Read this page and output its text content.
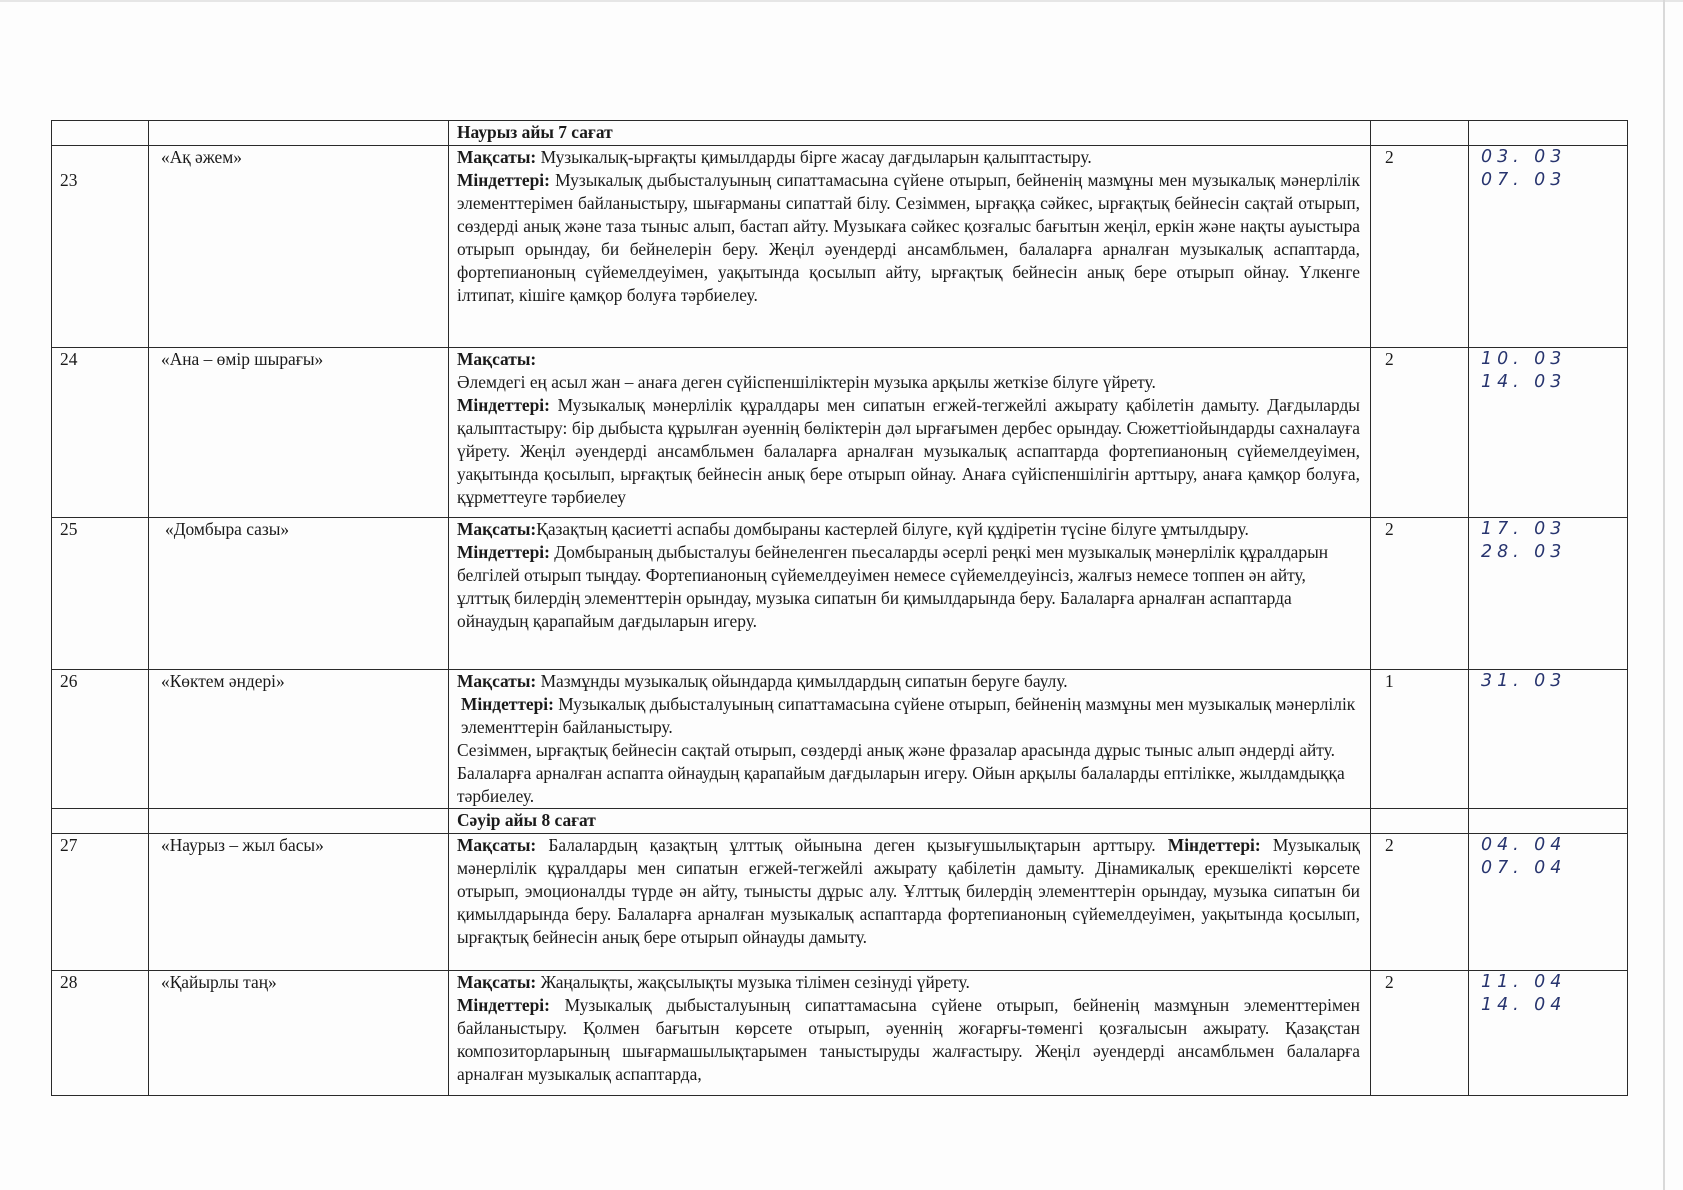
		Наурыз айы 7 сағат		

23	«Ақ әжем»	Мақсаты: Музыкалық-ырғақты қимылдарды бірге жасау дағдыларын қалыптастыру.
Міндеттері: Музыкалық дыбысталуының сипаттамасына сүйене отырып, бейненің мазмұны мен музыкалық мәнерлілік элементтерімен байланыстыру, шығарманы сипаттай білу. Сезіммен, ырғаққа сәйкес, ырғақтық бейнесін сақтай отырып, сөздерді анық және таза тыныс алып, бастап айту. Музыкаға сәйкес қозғалыс бағытын жеңіл, еркін және нақты ауыстыра отырып орындау, би бейнелерін беру. Жеңіл әуендерді ансамбльмен, балаларға арналған музыкалық аспаптарда, фортепианоның сүйемелдеуімен, уақытында қосылып айту, ырғақтық бейнесін анық бере отырып ойнау. Үлкенге ілтипат, кішіге қамқор болуға тәрбиелеу.	2	03. 03
07. 03

24	«Ана – өмір шырағы»	Мақсаты:
Әлемдегі ең асыл жан – анаға деген сүйіспеншіліктерін музыка арқылы жеткізе білуге үйрету.
Міндеттері: Музыкалық мәнерлілік құралдары мен сипатын егжей-тегжейлі ажырату қабілетін дамыту. Дағдыларды қалыптастыру: бір дыбыста құрылған әуеннің бөліктерін дәл ырғағымен дербес орындау. Сюжеттіойындарды сахналауға үйрету. Жеңіл әуендерді ансамбльмен балаларға арналған музыкалық аспаптарда фортепианоның сүйемелдеуімен, уақытында қосылып, ырғақтық бейнесін анық бере отырып ойнау. Анаға сүйіспеншілігін арттыру, анаға қамқор болуға, құрметтеуге тәрбиелеу	2	10. 03
14. 03

25	«Домбыра сазы»	Мақсаты:Қазақтың қасиетті аспабы домбыраны кастерлей білуге, күй құдіретін түсіне білуге ұмтылдыру.
Міндеттері: Домбыраның дыбысталуы бейнеленген пьесаларды әсерлі реңкі мен музыкалық мәнерлілік құралдарын белгілей отырып тыңдау. Фортепианоның сүйемелдеуімен немесе сүйемелдеуінсіз, жалғыз немесе топпен ән айту, ұлттық билердің элементтерін орындау, музыка сипатын би қимылдарында беру. Балаларға арналған аспаптарда ойнаудың қарапайым дағдыларын игеру.	2	17. 03
28. 03

26	«Көктем әндері»	Мақсаты: Мазмұнды музыкалық ойындарда қимылдардың сипатын беруге баулу.
Міндеттері: Музыкалық дыбысталуының сипаттамасына сүйене отырып, бейненің мазмұны мен музыкалық мәнерлілік элементтерін байланыстыру.
Сезіммен, ырғақтық бейнесін сақтай отырып, сөздерді анық және фразалар арасында дұрыс тыныс алып әндерді айту. Балаларға арналған аспапта ойнаудың қарапайым дағдыларын игеру. Ойын арқылы балаларды ептілікке, жылдамдыққа тәрбиелеу.	1	31. 03

		Сәуір айы 8 сағат		
27	«Наурыз – жыл басы»	Мақсаты: Балалардың қазақтың ұлттық ойынына деген қызығушылықтарын арттыру. Міндеттері: Музыкалық мәнерлілік құралдары мен сипатын егжей-тегжейлі ажырату қабілетін дамыту. Дінамикалық ерекшелікті көрсете отырып, эмоционалды түрде ән айту, тынысты дұрыс алу. Ұлттық билердің элементтерін орындау, музыка сипатын би қимылдарында беру. Балаларға арналған музыкалық аспаптарда фортепианоның сүйемелдеуімен, уақытында қосылып, ырғақтық бейнесін анық бере отырып ойнауды дамыту.	2	04. 04
07. 04

28	«Қайырлы таң»	Мақсаты: Жаңалықты, жақсылықты музыка тілімен сезінуді үйрету.
Міндеттері: Музыкалық дыбысталуының сипаттамасына сүйене отырып, бейненің мазмұнын элементтерімен байланыстыру. Қолмен бағытын көрсете отырып, әуеннің жоғарғы-төменгі қозғалысын ажырату. Қазақстан композиторларының шығармашылықтарымен таныстыруды жалғастыру. Жеңіл әуендерді ансамбльмен балаларға арналған музыкалық аспаптарда,	2	11. 04
14. 04
